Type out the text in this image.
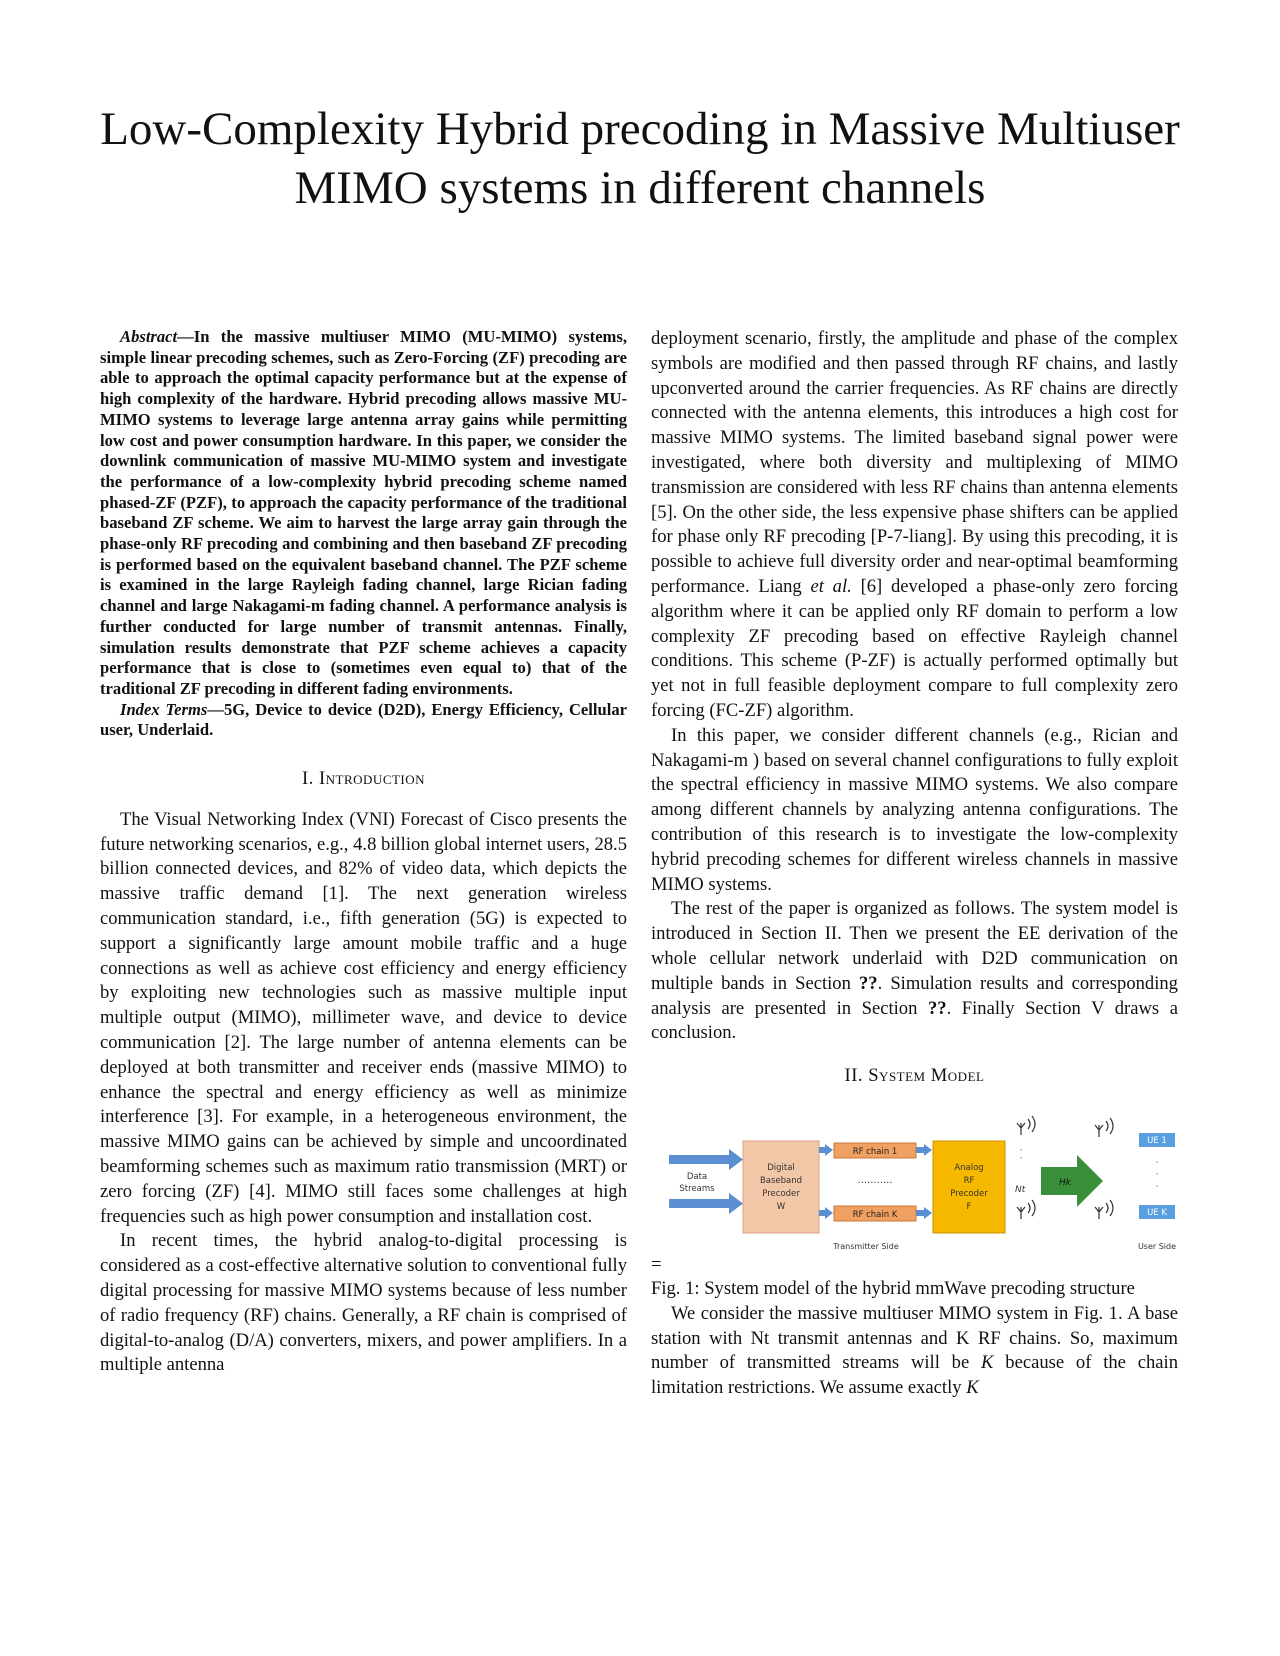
Low-Complexity Hybrid precoding in Massive Multiuser MIMO systems in different channels

Abstract—In the massive multiuser MIMO (MU-MIMO) systems, simple linear precoding schemes, such as Zero-Forcing (ZF) precoding are able to approach the optimal capacity performance but at the expense of high complexity of the hardware. Hybrid precoding allows massive MU-MIMO systems to leverage large antenna array gains while permitting low cost and power consumption hardware. In this paper, we consider the downlink communication of massive MU-MIMO system and investigate the performance of a low-complexity hybrid precoding scheme named phased-ZF (PZF), to approach the capacity performance of the traditional baseband ZF scheme. We aim to harvest the large array gain through the phase-only RF precoding and combining and then baseband ZF precoding is performed based on the equivalent baseband channel. The PZF scheme is examined in the large Rayleigh fading channel, large Rician fading channel and large Nakagami-m fading channel. A performance analysis is further conducted for large number of transmit antennas. Finally, simulation results demonstrate that PZF scheme achieves a capacity performance that is close to (sometimes even equal to) that of the traditional ZF precoding in different fading environments.

Index Terms—5G, Device to device (D2D), Energy Efficiency, Cellular user, Underlaid.

I. Introduction

The Visual Networking Index (VNI) Forecast of Cisco presents the future networking scenarios, e.g., 4.8 billion global internet users, 28.5 billion connected devices, and 82% of video data, which depicts the massive traffic demand [1]. The next generation wireless communication standard, i.e., fifth generation (5G) is expected to support a significantly large amount mobile traffic and a huge connections as well as achieve cost efficiency and energy efficiency by exploiting new technologies such as massive multiple input multiple output (MIMO), millimeter wave, and device to device communication [2]. The large number of antenna elements can be deployed at both transmitter and receiver ends (massive MIMO) to enhance the spectral and energy efficiency as well as minimize interference [3]. For example, in a heterogeneous environment, the massive MIMO gains can be achieved by simple and uncoordinated beamforming schemes such as maximum ratio transmission (MRT) or zero forcing (ZF) [4]. MIMO still faces some challenges at high frequencies such as high power consumption and installation cost.

In recent times, the hybrid analog-to-digital processing is considered as a cost-effective alternative solution to conventional fully digital processing for massive MIMO systems because of less number of radio frequency (RF) chains. Generally, a RF chain is comprised of digital-to-analog (D/A) converters, mixers, and power amplifiers. In a multiple antenna

deployment scenario, firstly, the amplitude and phase of the complex symbols are modified and then passed through RF chains, and lastly upconverted around the carrier frequencies. As RF chains are directly connected with the antenna elements, this introduces a high cost for massive MIMO systems. The limited baseband signal power were investigated, where both diversity and multiplexing of MIMO transmission are considered with less RF chains than antenna elements [5]. On the other side, the less expensive phase shifters can be applied for phase only RF precoding [P-7-liang]. By using this precoding, it is possible to achieve full diversity order and near-optimal beamforming performance. Liang et al. [6] developed a phase-only zero forcing algorithm where it can be applied only RF domain to perform a low complexity ZF precoding based on effective Rayleigh channel conditions. This scheme (P-ZF) is actually performed optimally but yet not in full feasible deployment compare to full complexity zero forcing (FC-ZF) algorithm.

In this paper, we consider different channels (e.g., Rician and Nakagami-m ) based on several channel configurations to fully exploit the spectral efficiency in massive MIMO systems. We also compare among different channels by analyzing antenna configurations. The contribution of this research is to investigate the low-complexity hybrid precoding schemes for different wireless channels in massive MIMO systems.

The rest of the paper is organized as follows. The system model is introduced in Section II. Then we present the EE derivation of the whole cellular network underlaid with D2D communication on multiple bands in Section ??. Simulation results and corresponding analysis are presented in Section ??. Finally Section V draws a conclusion.

II. System Model
Data
Streams
Digital
Baseband
Precoder
W
RF chain 1
...........
RF chain K
Analog
RF
Precoder
F
·
·
Nt
Hk
UE 1
·
·
·
UE K
Transmitter Side	User Side

=

Fig. 1: System model of the hybrid mmWave precoding structure

We consider the massive multiuser MIMO system in Fig. 1. A base station with Nt transmit antennas and K RF chains. So, maximum number of transmitted streams will be K because of the chain limitation restrictions. We assume exactly K
